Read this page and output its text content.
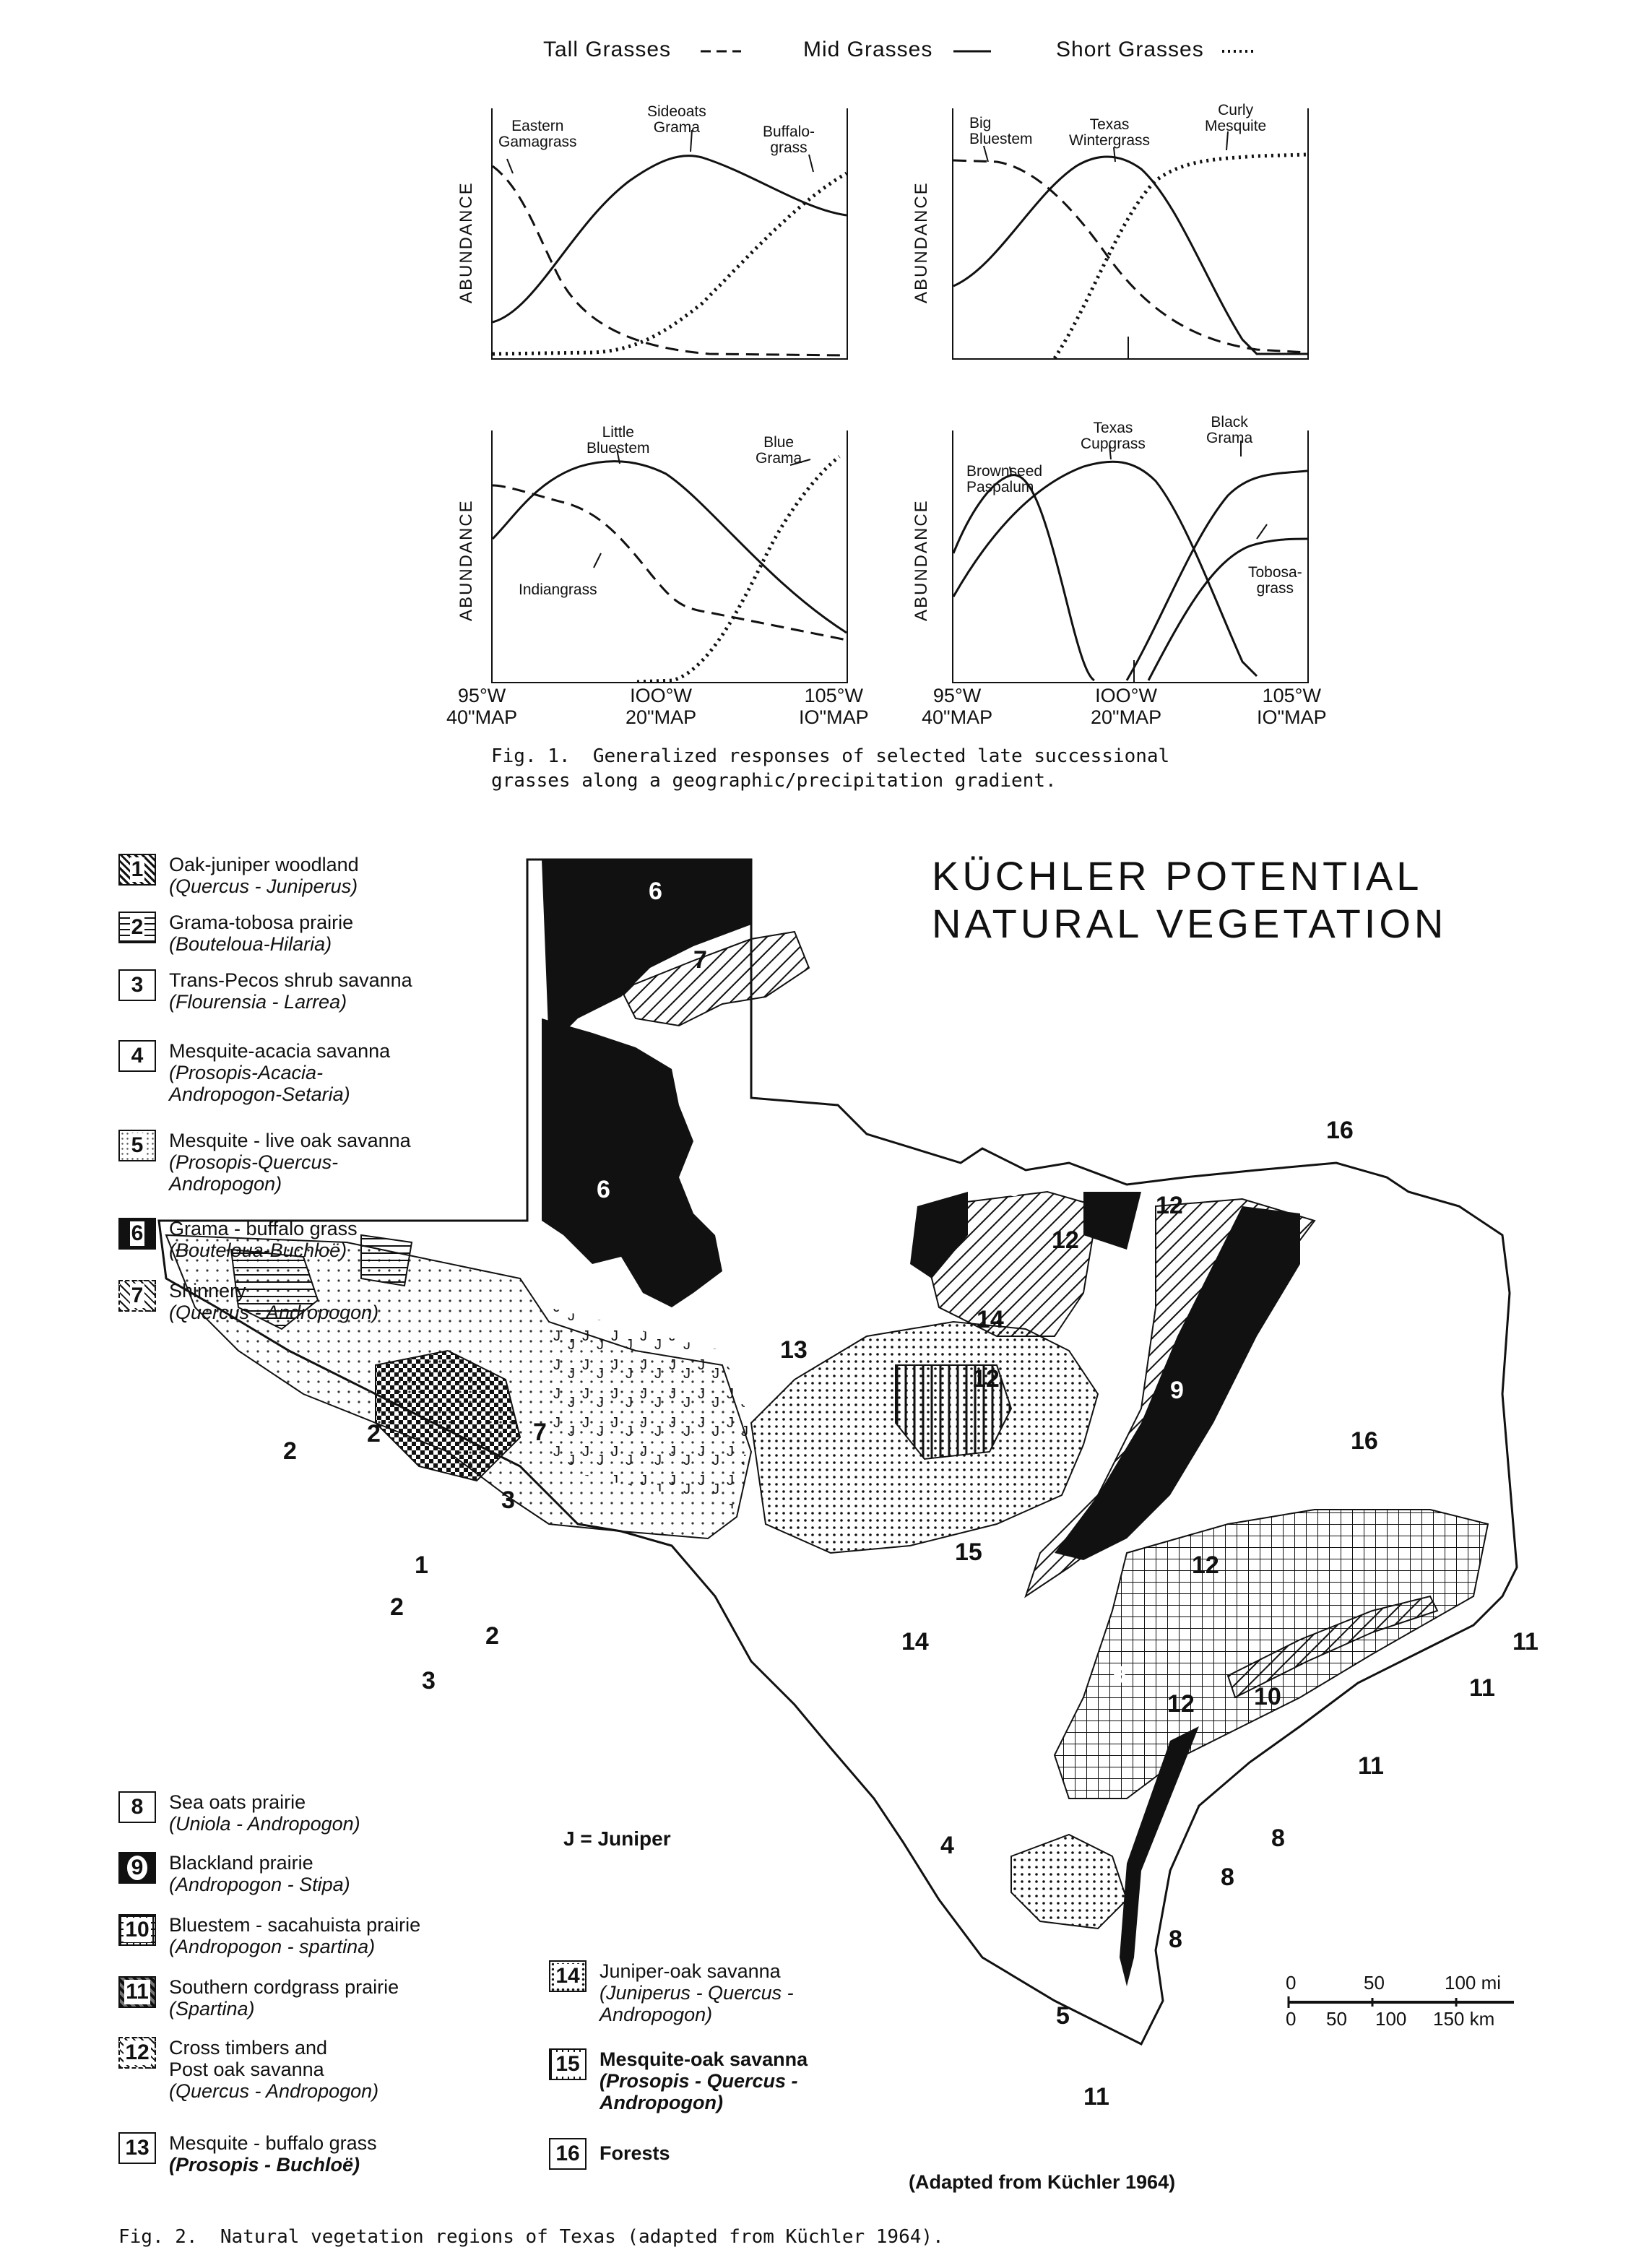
Tall Grasses	Mid Grasses	Short Grasses
Eastern
Gamagrass
Sideoats
Grama	Buffalo-
grass
ABUNDANCE
Big
Bluestem
Texas
Wintergrass
Curly
Mesquite
ABUNDANCE
Little
Bluestem	Blue
Grama
Indiangrass
ABUNDANCE
Brownseed
Paspalum
Texas
Cupgrass
Black
Grama
Tobosa-
grass
ABUNDANCE
95°W
40"MAP
IOO°W
20"MAP
105°W
IO"MAP
95°W
40"MAP
IOO°W
20"MAP
105°W
IO"MAP
Fig. 1.  Generalized responses of selected late successional
grasses along a geographic/precipitation gradient.
KÜCHLER POTENTIAL
NATURAL VEGETATION
6
7
6
13
9
12
9
14
12
12
9
16
16
12
2
2	7
3
1
2
2
3
15
14
9
12 10
11
11
11
8
8
8
4
5
11
1 Oak-juniper woodland
(Quercus - Juniperus)
2 Grama-tobosa prairie
(Bouteloua-Hilaria)
3 Trans-Pecos shrub savanna
(Flourensia - Larrea)
4 Mesquite-acacia savanna
(Prosopis-Acacia-
Andropogon-Setaria)
5 Mesquite - live oak savanna
(Prosopis-Quercus-
Andropogon)
6 Grama - buffalo grass
(Bouteloua-Buchloë)
7 Shinnery
(Quercus - Andropogon)
8 Sea oats prairie
(Uniola - Andropogon)
9 Blackland prairie
(Andropogon - Stipa)
10 Bluestem - sacahuista prairie
(Andropogon - spartina)
11 Southern cordgrass prairie
(Spartina)
12 Cross timbers and
Post oak savanna
(Quercus - Andropogon)
13 Mesquite - buffalo grass
(Prosopis - Buchloë)
14 Juniper-oak savanna
(Juniperus - Quercus -
Andropogon)
15 Mesquite-oak savanna
(Prosopis - Quercus -
Andropogon)
16 Forests
J = Juniper
0	50	100 mi
0 50 100 150 km
(Adapted from Küchler 1964)
Fig. 2.  Natural vegetation regions of Texas (adapted from Küchler 1964).
